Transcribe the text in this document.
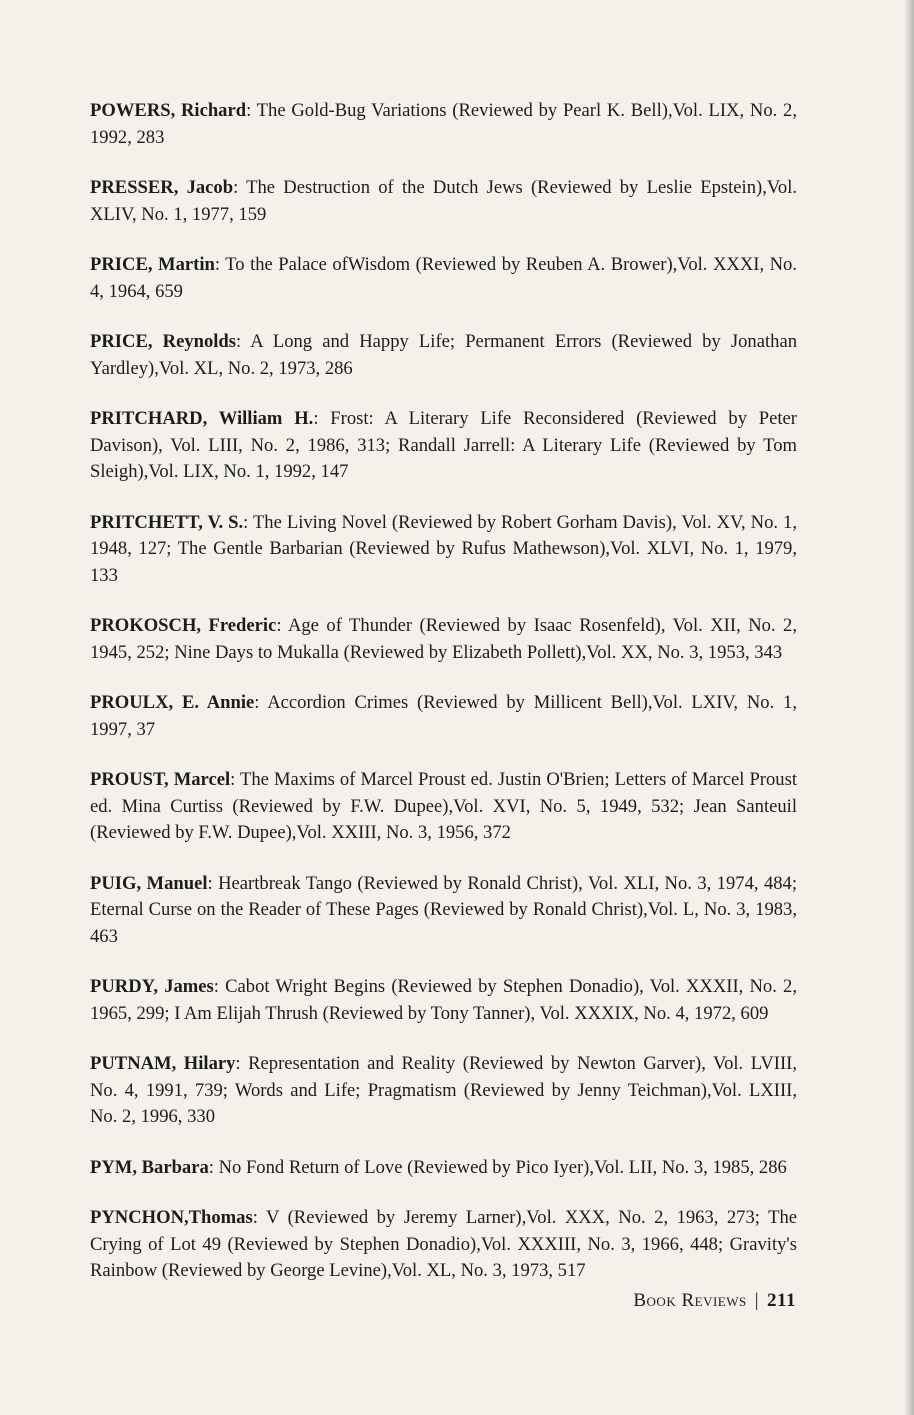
POWERS, Richard: The Gold-Bug Variations (Reviewed by Pearl K. Bell),Vol. LIX, No. 2, 1992, 283

PRESSER, Jacob: The Destruction of the Dutch Jews (Reviewed by Leslie Epstein),Vol. XLIV, No. 1, 1977, 159

PRICE, Martin: To the Palace ofWisdom (Reviewed by Reuben A. Brower),Vol. XXXI, No. 4, 1964, 659

PRICE, Reynolds: A Long and Happy Life; Permanent Errors (Reviewed by Jonathan Yardley),Vol. XL, No. 2, 1973, 286

PRITCHARD, William H.: Frost: A Literary Life Reconsidered (Reviewed by Peter Davison), Vol. LIII, No. 2, 1986, 313; Randall Jarrell: A Literary Life (Reviewed by Tom Sleigh),Vol. LIX, No. 1, 1992, 147

PRITCHETT, V. S.: The Living Novel (Reviewed by Robert Gorham Davis), Vol. XV, No. 1, 1948, 127; The Gentle Barbarian (Reviewed by Rufus Mathewson),Vol. XLVI, No. 1, 1979, 133

PROKOSCH, Frederic: Age of Thunder (Reviewed by Isaac Rosenfeld), Vol. XII, No. 2, 1945, 252; Nine Days to Mukalla (Reviewed by Elizabeth Pollett),Vol. XX, No. 3, 1953, 343

PROULX, E. Annie: Accordion Crimes (Reviewed by Millicent Bell),Vol. LXIV, No. 1, 1997, 37

PROUST, Marcel: The Maxims of Marcel Proust ed. Justin O'Brien; Letters of Marcel Proust ed. Mina Curtiss (Reviewed by F.W. Dupee),Vol. XVI, No. 5, 1949, 532; Jean Santeuil (Reviewed by F.W. Dupee),Vol. XXIII, No. 3, 1956, 372

PUIG, Manuel: Heartbreak Tango (Reviewed by Ronald Christ), Vol. XLI, No. 3, 1974, 484; Eternal Curse on the Reader of These Pages (Reviewed by Ronald Christ),Vol. L, No. 3, 1983, 463

PURDY, James: Cabot Wright Begins (Reviewed by Stephen Donadio), Vol. XXXII, No. 2, 1965, 299; I Am Elijah Thrush (Reviewed by Tony Tanner), Vol. XXXIX, No. 4, 1972, 609

PUTNAM, Hilary: Representation and Reality (Reviewed by Newton Garver), Vol. LVIII, No. 4, 1991, 739; Words and Life; Pragmatism (Reviewed by Jenny Teichman),Vol. LXIII, No. 2, 1996, 330

PYM, Barbara: No Fond Return of Love (Reviewed by Pico Iyer),Vol. LII, No. 3, 1985, 286

PYNCHON,Thomas: V (Reviewed by Jeremy Larner),Vol. XXX, No. 2, 1963, 273; The Crying of Lot 49 (Reviewed by Stephen Donadio),Vol. XXXIII, No. 3, 1966, 448; Gravity's Rainbow (Reviewed by George Levine),Vol. XL, No. 3, 1973, 517

Book Reviews | 211
